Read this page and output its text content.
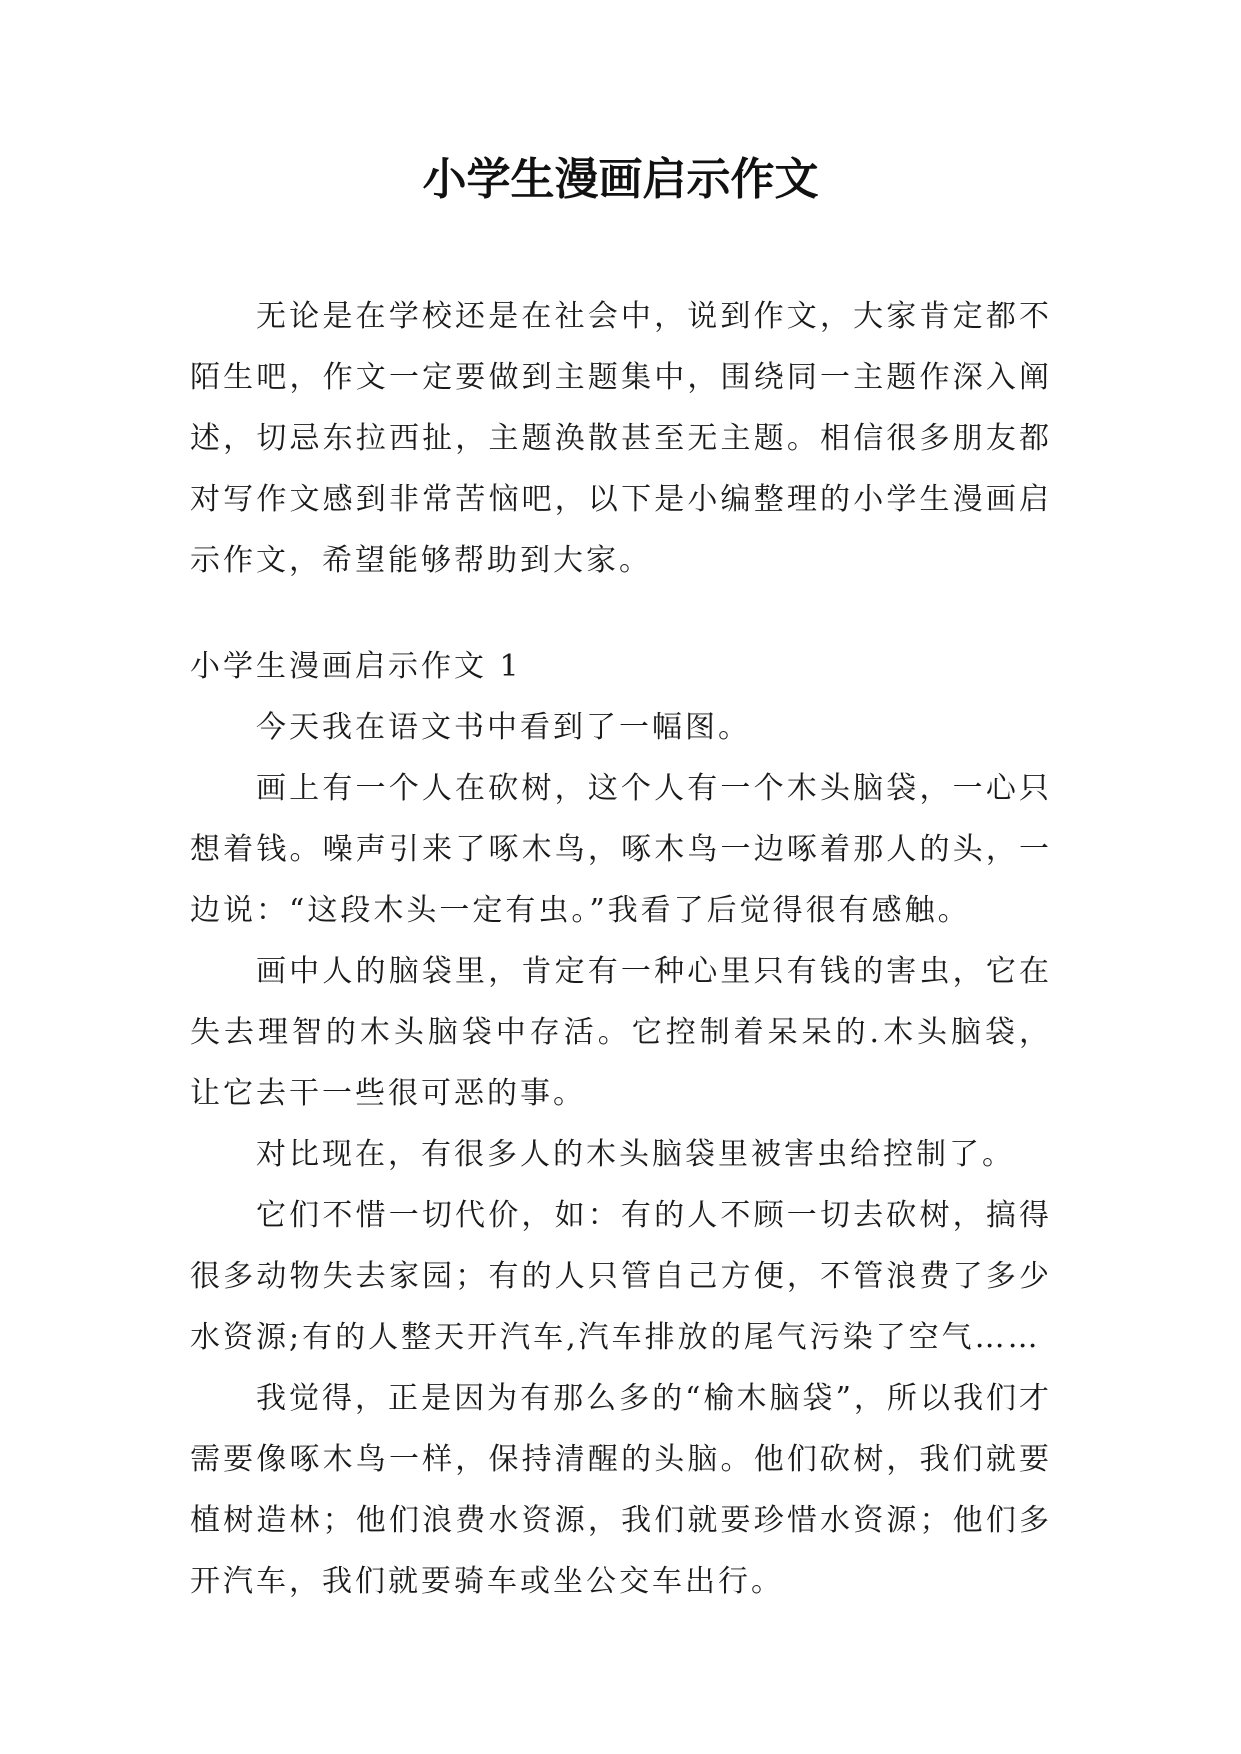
小学生漫画启示作文

无论是在学校还是在社会中，说到作文，大家肯定都不陌生吧，作文一定要做到主题集中，围绕同一主题作深入阐述，切忌东拉西扯，主题涣散甚至无主题。相信很多朋友都对写作文感到非常苦恼吧，以下是小编整理的小学生漫画启示作文，希望能够帮助到大家。

小学生漫画启示作文 1

今天我在语文书中看到了一幅图。

画上有一个人在砍树，这个人有一个木头脑袋，一心只想着钱。噪声引来了啄木鸟，啄木鸟一边啄着那人的头，一边说：“这段木头一定有虫。”我看了后觉得很有感触。

画中人的脑袋里，肯定有一种心里只有钱的害虫，它在失去理智的木头脑袋中存活。它控制着呆呆的.木头脑袋，让它去干一些很可恶的事。

对比现在，有很多人的木头脑袋里被害虫给控制了。

它们不惜一切代价，如：有的人不顾一切去砍树，搞得很多动物失去家园；有的人只管自己方便，不管浪费了多少水资源;有的人整天开汽车,汽车排放的尾气污染了空气……

我觉得，正是因为有那么多的“榆木脑袋”，所以我们才需要像啄木鸟一样，保持清醒的头脑。他们砍树，我们就要植树造林；他们浪费水资源，我们就要珍惜水资源；他们多开汽车，我们就要骑车或坐公交车出行。
